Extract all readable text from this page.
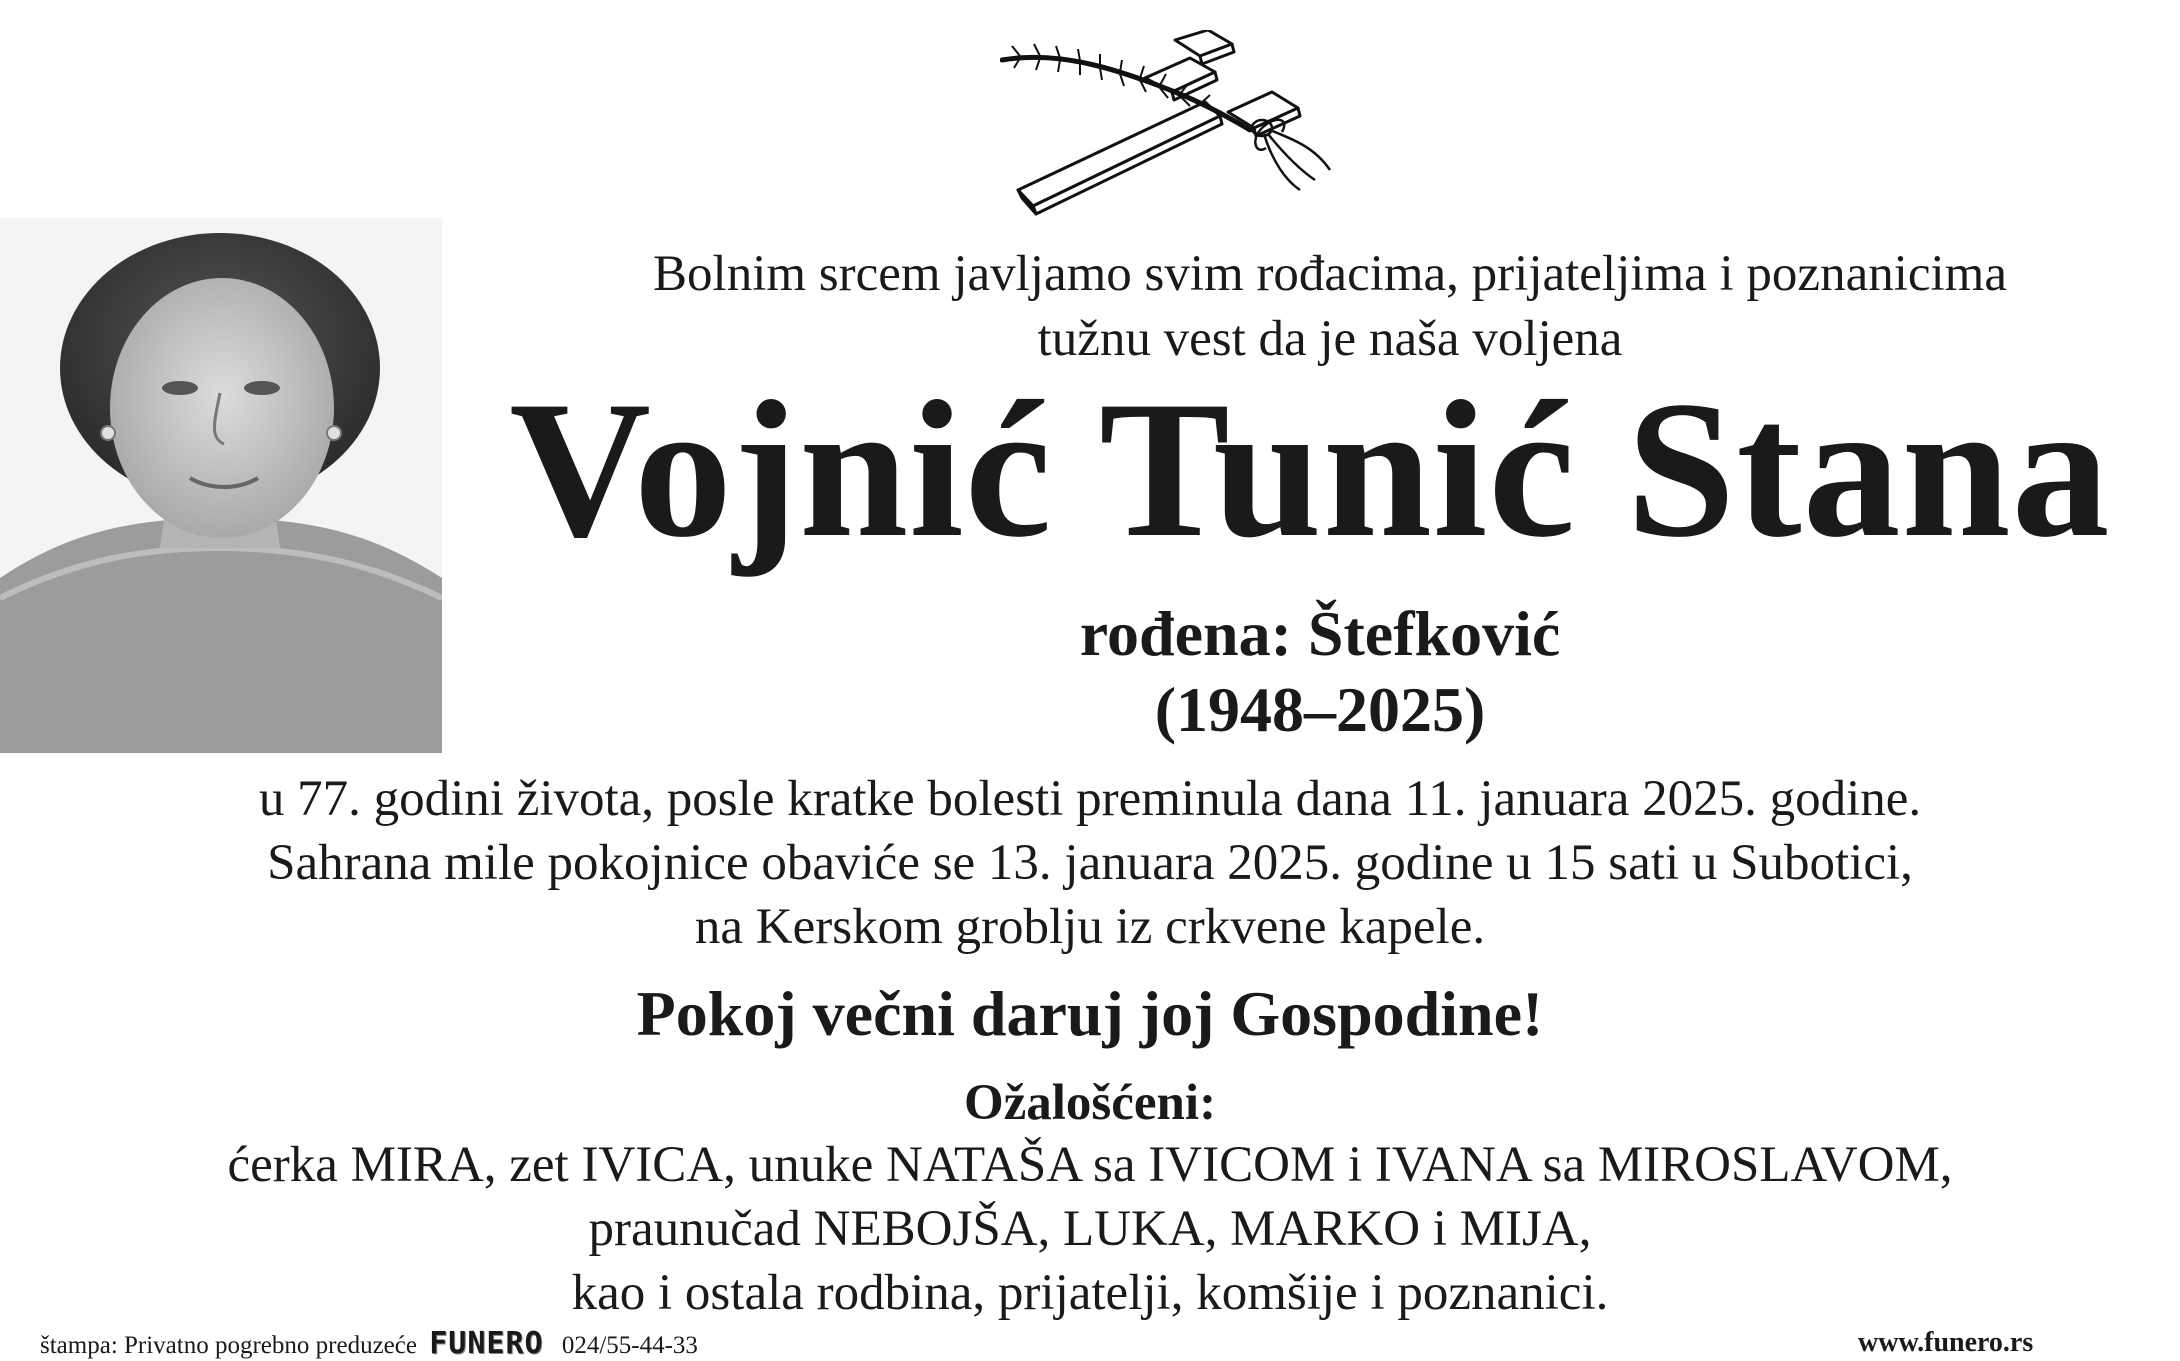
Bolnim srcem javljamo svim rođacima, prijateljima i poznanicima
tužnu vest da je naša voljena
Vojnić Tunić Stana
rođena: Štefković
(1948–2025)
u 77. godini života, posle kratke bolesti preminula dana 11. januara 2025. godine.
Sahrana mile pokojnice obaviće se 13. januara 2025. godine u 15 sati u Subotici,
na Kerskom groblju iz crkvene kapele.
Pokoj večni daruj joj Gospodine!
Ožalošćeni:
ćerka MIRA, zet IVICA, unuke NATAŠA sa IVICOM i IVANA sa MIROSLAVOM,
praunučad NEBOJŠA, LUKA, MARKO i MIJA,
kao i ostala rodbina, prijatelji, komšije i poznanici.
štampa: Privatno pogrebno preduzeće FUNERO 024/55-44-33	www.funero.rs
